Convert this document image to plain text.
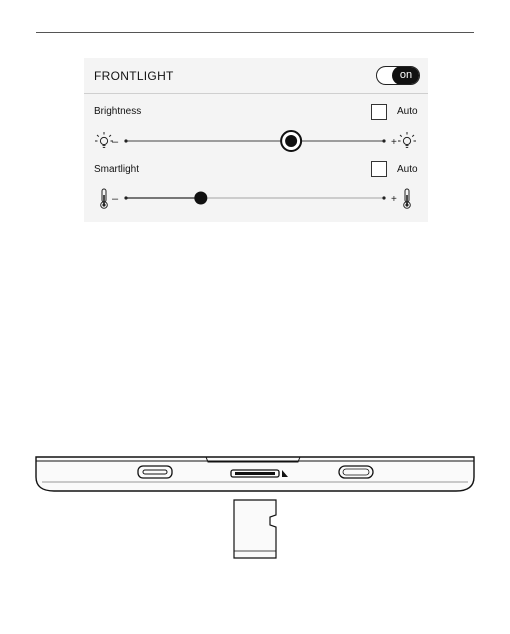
FRONTLIGHT	on
Brightness	Auto
–	+
Smartlight	Auto
–	+
